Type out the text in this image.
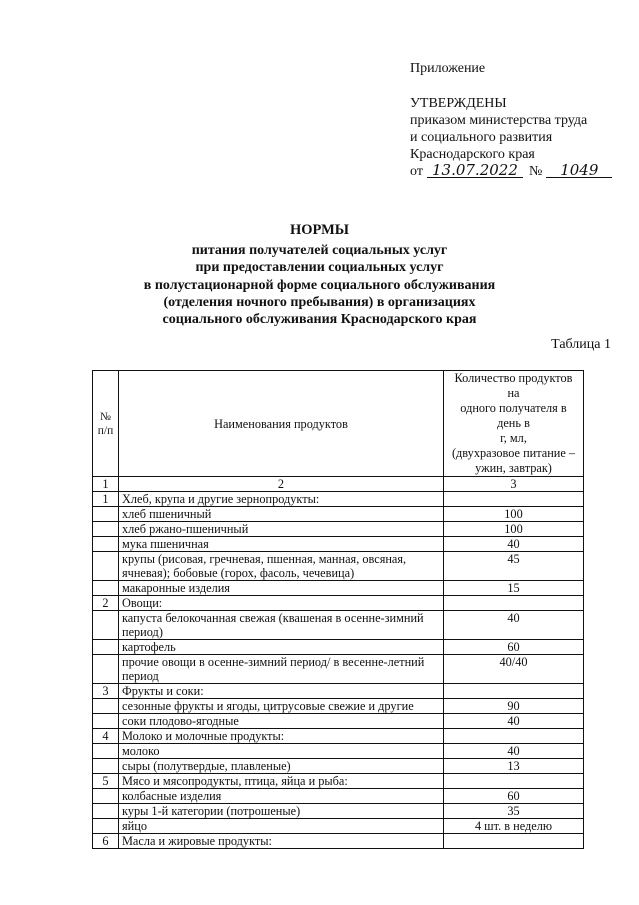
Приложение
УТВЕРЖДЕНЫ
приказом министерства труда
и социального развития
Краснодарского края
от 13.07.2022 №	1049
НОРМЫ
питания получателей социальных услуг
при предоставлении социальных услуг
в полустационарной форме социального обслуживания
(отделения ночного пребывания) в организациях
социального обслуживания Краснодарского края
Таблица 1
№ п/п	Наименования продуктов	Количество продуктов на
одного получателя в день в
г, мл,
(двухразовое питание –
ужин, завтрак)

1	2	3
1	Хлеб, крупа и другие зернопродукты:	
	хлеб пшеничный	100
	хлеб ржано-пшеничный	100
	мука пшеничная	40
	крупы (рисовая, гречневая, пшенная, манная, овсяная, ячневая); бобовые (горох, фасоль, чечевица)	45
	макаронные изделия	15
2	Овощи:	
	капуста белокочанная свежая (квашеная в осенне-зимний период)	40
	картофель	60
	прочие овощи в осенне-зимний период/ в весенне-летний период	40/40
3	Фрукты и соки:	
	сезонные фрукты и ягоды, цитрусовые свежие и другие	90
	соки плодово-ягодные	40
4	Молоко и молочные продукты:	
	молоко	40
	сыры (полутвердые, плавленые)	13
5	Мясо и мясопродукты, птица, яйца и рыба:	
	колбасные изделия	60
	куры 1-й категории (потрошеные)	35
	яйцо	4 шт. в неделю
6	Масла и жировые продукты:	
